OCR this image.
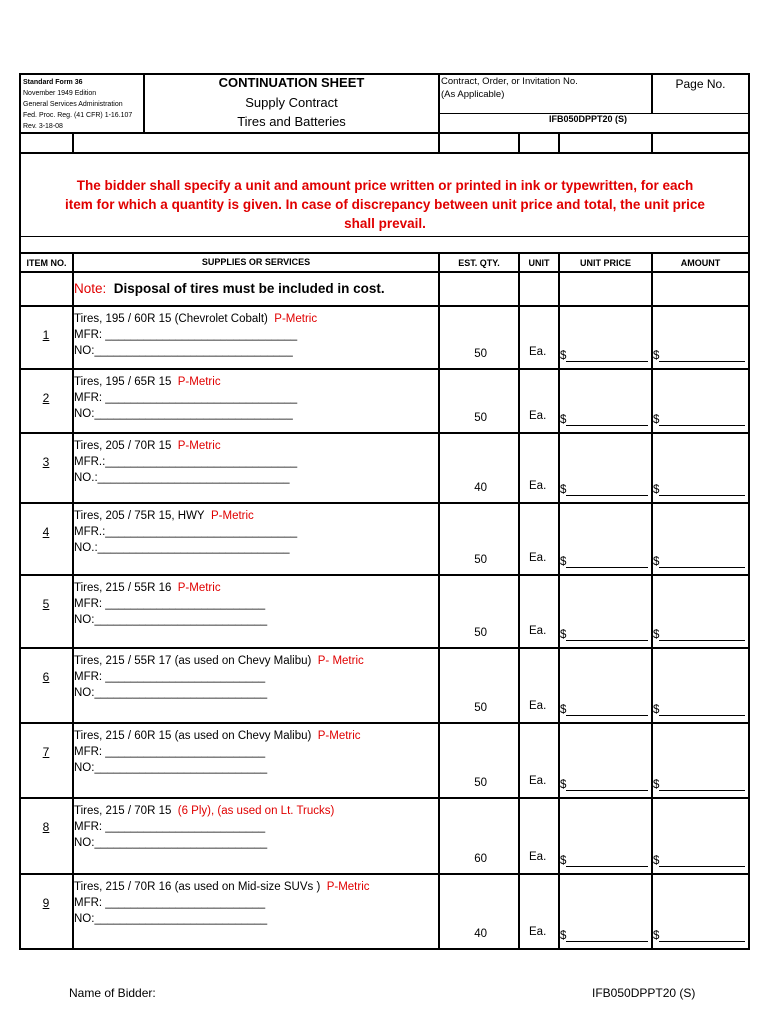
Standard Form 36
November 1949 Edition
General Services Administration
Fed. Proc. Reg. (41 CFR) 1-16.107
Rev. 3-18-08
CONTINUATION SHEET
Supply Contract
Tires and Batteries
Contract, Order, or Invitation No.
(As Applicable)
Page No.
IFB050DPPT20 (S)
The bidder shall specify a unit and amount price written or printed in ink or typewritten, for each
item for which a quantity is given. In case of discrepancy between unit price and total, the unit price
shall prevail.
ITEM NO.	SUPPLIES OR SERVICES	EST. QTY.	UNIT	UNIT PRICE	AMOUNT
Note: Disposal of tires must be included in cost.
1
Tires, 195 / 60R 15 (Chevrolet Cobalt) P-Metric
MFR: ______________________________
NO:_______________________________	50	Ea. $	$
2
Tires, 195 / 65R 15 P-Metric
MFR: ______________________________
NO:_______________________________	50	Ea. $	$
3
Tires, 205 / 70R 15 P-Metric
MFR.:______________________________
NO.:______________________________
40	Ea. $	$
4
Tires, 205 / 75R 15, HWY P-Metric
MFR.:______________________________
NO.:______________________________
50	Ea. $	$
5
Tires, 215 / 55R 16 P-Metric
MFR: _________________________
NO:___________________________
50	Ea. $	$
6
Tires, 215 / 55R 17 (as used on Chevy Malibu) P- Metric
MFR: _________________________
NO:___________________________
50	Ea. $	$
7
Tires, 215 / 60R 15 (as used on Chevy Malibu) P-Metric
MFR: _________________________
NO:___________________________
50	Ea. $	$
8
Tires, 215 / 70R 15 (6 Ply), (as used on Lt. Trucks)
MFR: _________________________
NO:___________________________
60	Ea. $	$
9
Tires, 215 / 70R 16 (as used on Mid-size SUVs ) P-Metric
MFR: _________________________
NO:___________________________
40	Ea. $	$
Name of Bidder:	IFB050DPPT20 (S)
